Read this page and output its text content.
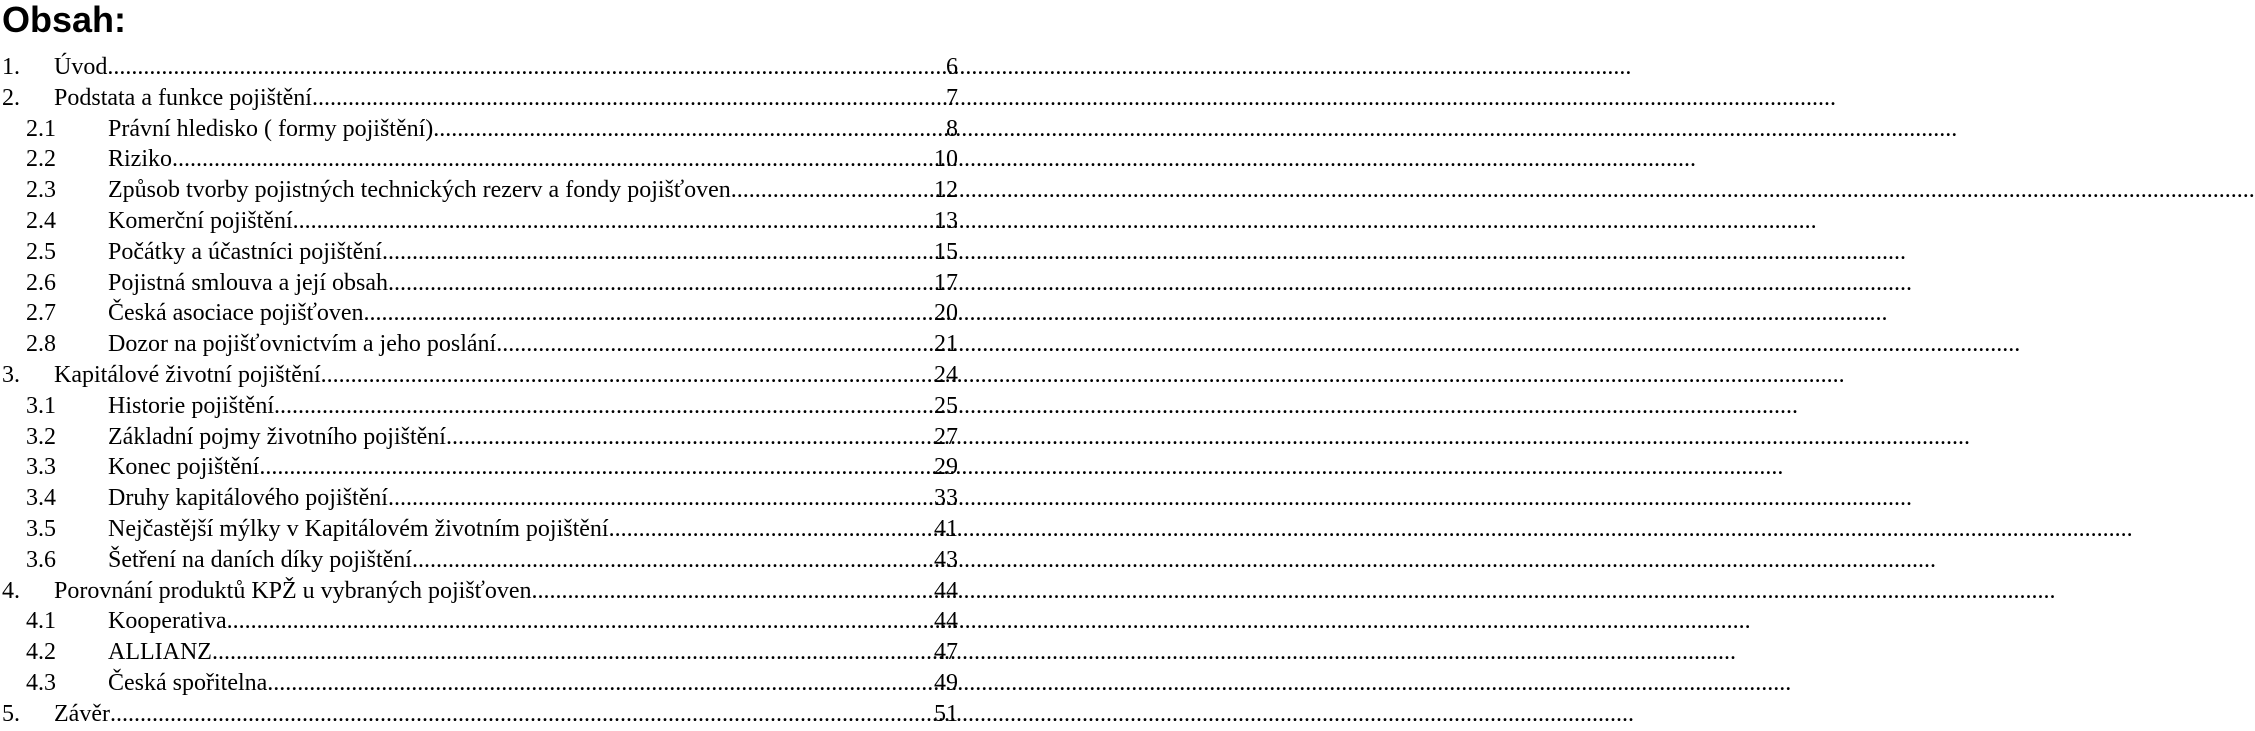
Obsah:
1.	Úvod .....	6
2.	Podstata a funkce pojištění .....	7
2.1	Právní hledisko ( formy pojištění) .....	8
2.2	Riziko .....	10
2.3	Způsob tvorby pojistných technických rezerv a fondy pojišťoven .....	12
2.4	Komerční pojištění .....	13
2.5	Počátky a účastníci pojištění .....	15
2.6	Pojistná smlouva a její obsah .....	17
2.7	Česká asociace pojišťoven .....	20
2.8	Dozor na pojišťovnictvím a jeho poslání .....	21
3.	Kapitálové životní pojištění .....	24
3.1	Historie pojištění .....	25
3.2	Základní pojmy životního pojištění .....	27
3.3	Konec pojištění .....	29
3.4	Druhy kapitálového pojištění .....	33
3.5	Nejčastější mýlky v Kapitálovém životním pojištění .....	41
3.6	Šetření na daních díky pojištění .....	43
4.	Porovnání produktů KPŽ u vybraných pojišťoven .....	44
4.1	Kooperativa .....	44
4.2	ALLIANZ .....	47
4.3	Česká spořitelna .....	49
5.	Závěr .....	51
